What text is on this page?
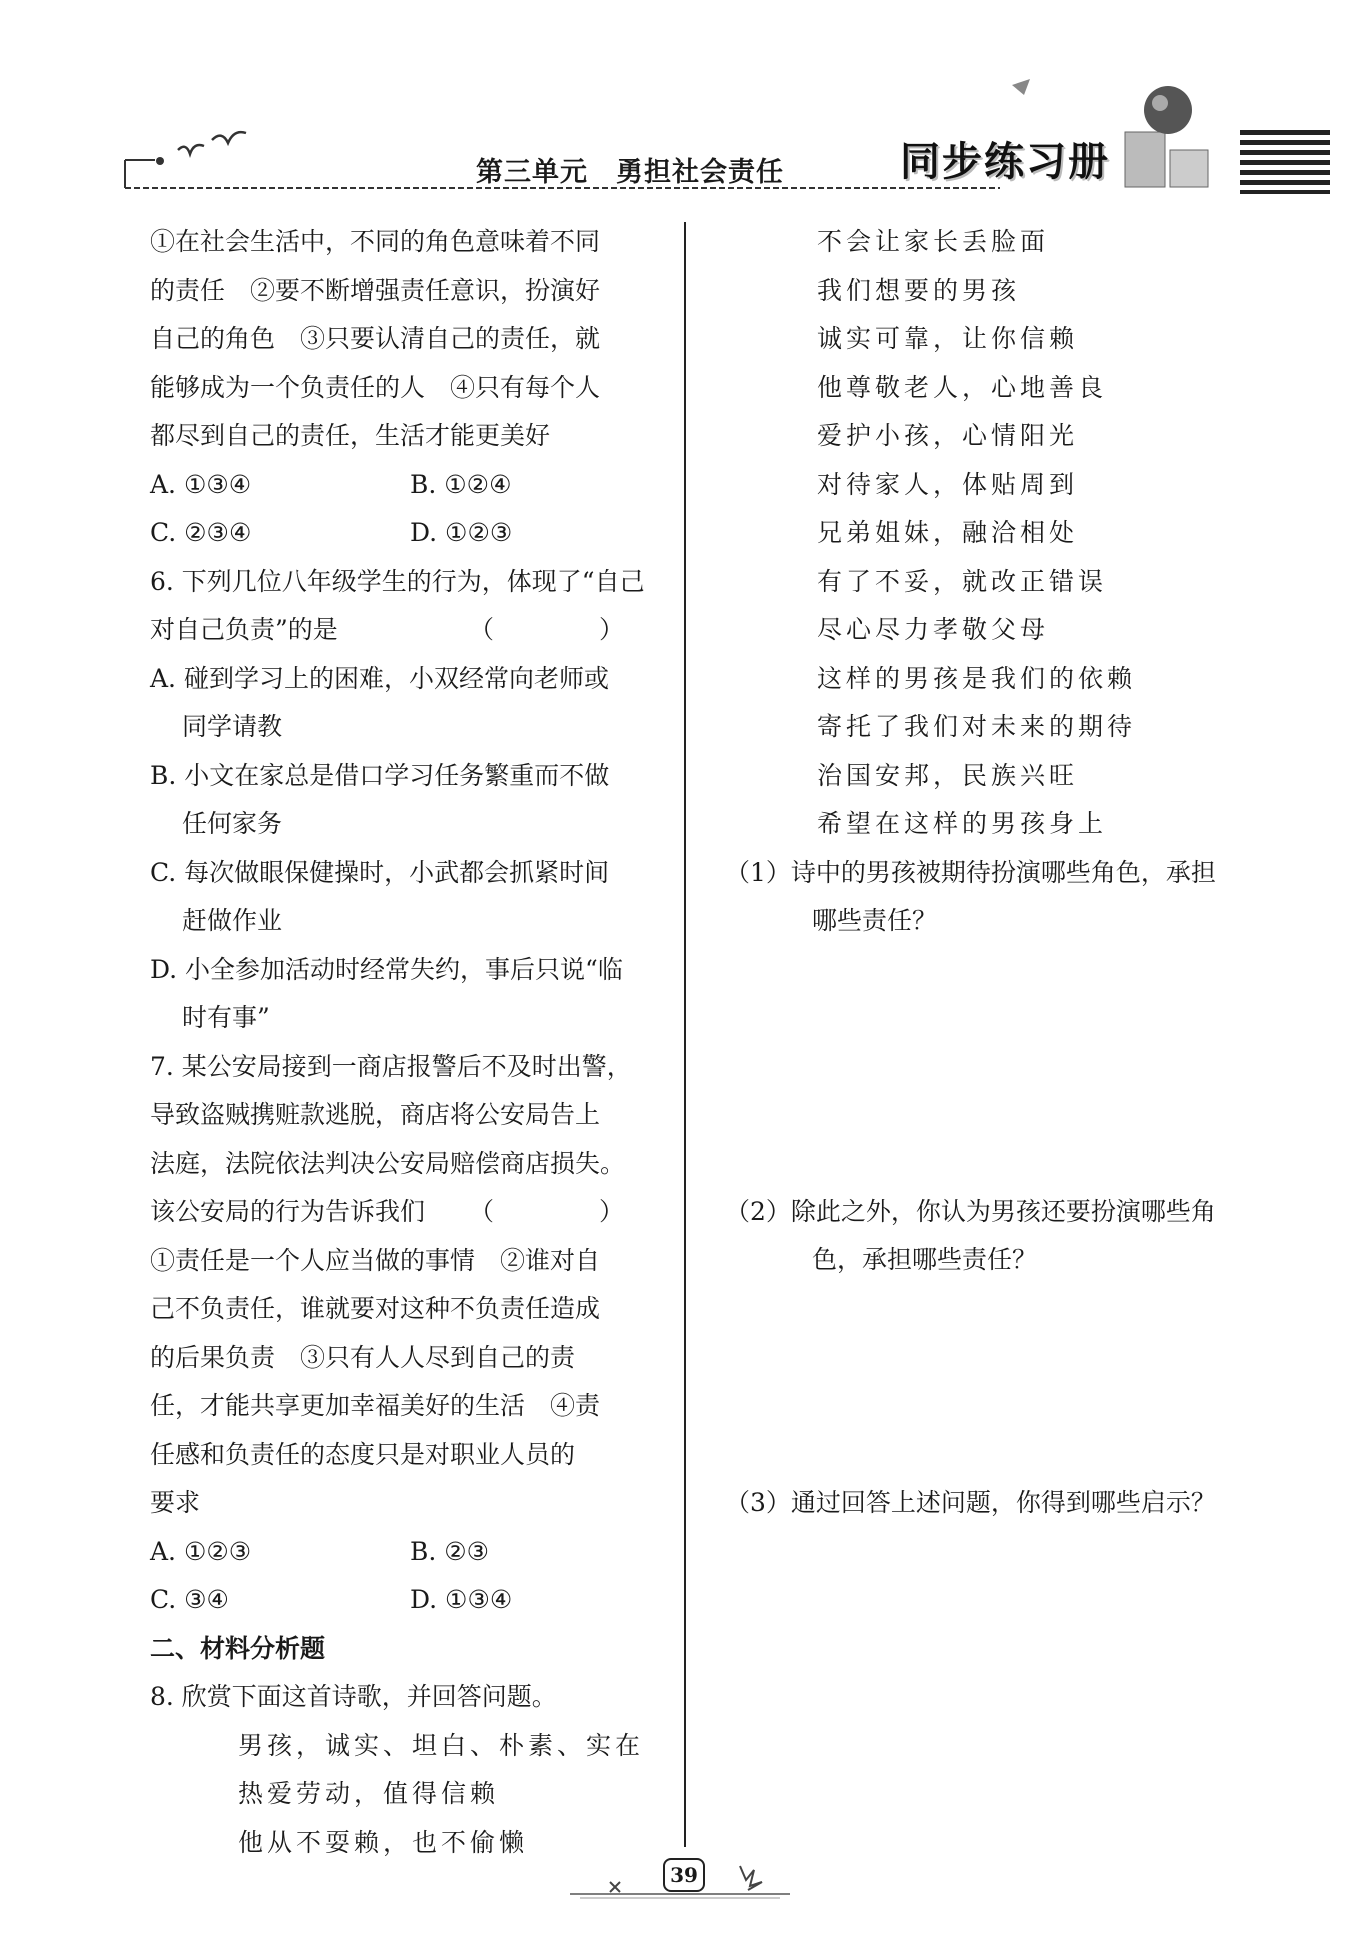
第三单元　勇担社会责任	同步练习册
①在社会生活中，不同的角色意味着不同
的责任　②要不断增强责任意识，扮演好
自己的角色　③只要认清自己的责任，就
能够成为一个负责任的人　④只有每个人
都尽到自己的责任，生活才能更美好
A. ①③④	B. ①②④
C. ②③④	D. ①②③
6. 下列几位八年级学生的行为，体现了“自己
对自己负责”的是	（　）
A. 碰到学习上的困难，小双经常向老师或
同学请教
B. 小文在家总是借口学习任务繁重而不做
任何家务
C. 每次做眼保健操时，小武都会抓紧时间
赶做作业
D. 小全参加活动时经常失约，事后只说“临
时有事”
7. 某公安局接到一商店报警后不及时出警，
导致盗贼携赃款逃脱，商店将公安局告上
法庭，法院依法判决公安局赔偿商店损失。
该公安局的行为告诉我们 （　）
①责任是一个人应当做的事情　②谁对自
己不负责任，谁就要对这种不负责任造成
的后果负责　③只有人人尽到自己的责
任，才能共享更加幸福美好的生活　④责
任感和负责任的态度只是对职业人员的
要求
A. ①②③	B. ②③
C. ③④	D. ①③④
二、材料分析题
8. 欣赏下面这首诗歌，并回答问题。
男孩，诚实、坦白、朴素、实在
热爱劳动，值得信赖
他从不耍赖，也不偷懒
不会让家长丢脸面
我们想要的男孩
诚实可靠，让你信赖
他尊敬老人，心地善良
爱护小孩，心情阳光
对待家人，体贴周到
兄弟姐妹，融洽相处
有了不妥，就改正错误
尽心尽力孝敬父母
这样的男孩是我们的依赖
寄托了我们对未来的期待
治国安邦，民族兴旺
希望在这样的男孩身上
（1）诗中的男孩被期待扮演哪些角色，承担
哪些责任？
（2）除此之外，你认为男孩还要扮演哪些角
色，承担哪些责任？
（3）通过回答上述问题，你得到哪些启示？
39
